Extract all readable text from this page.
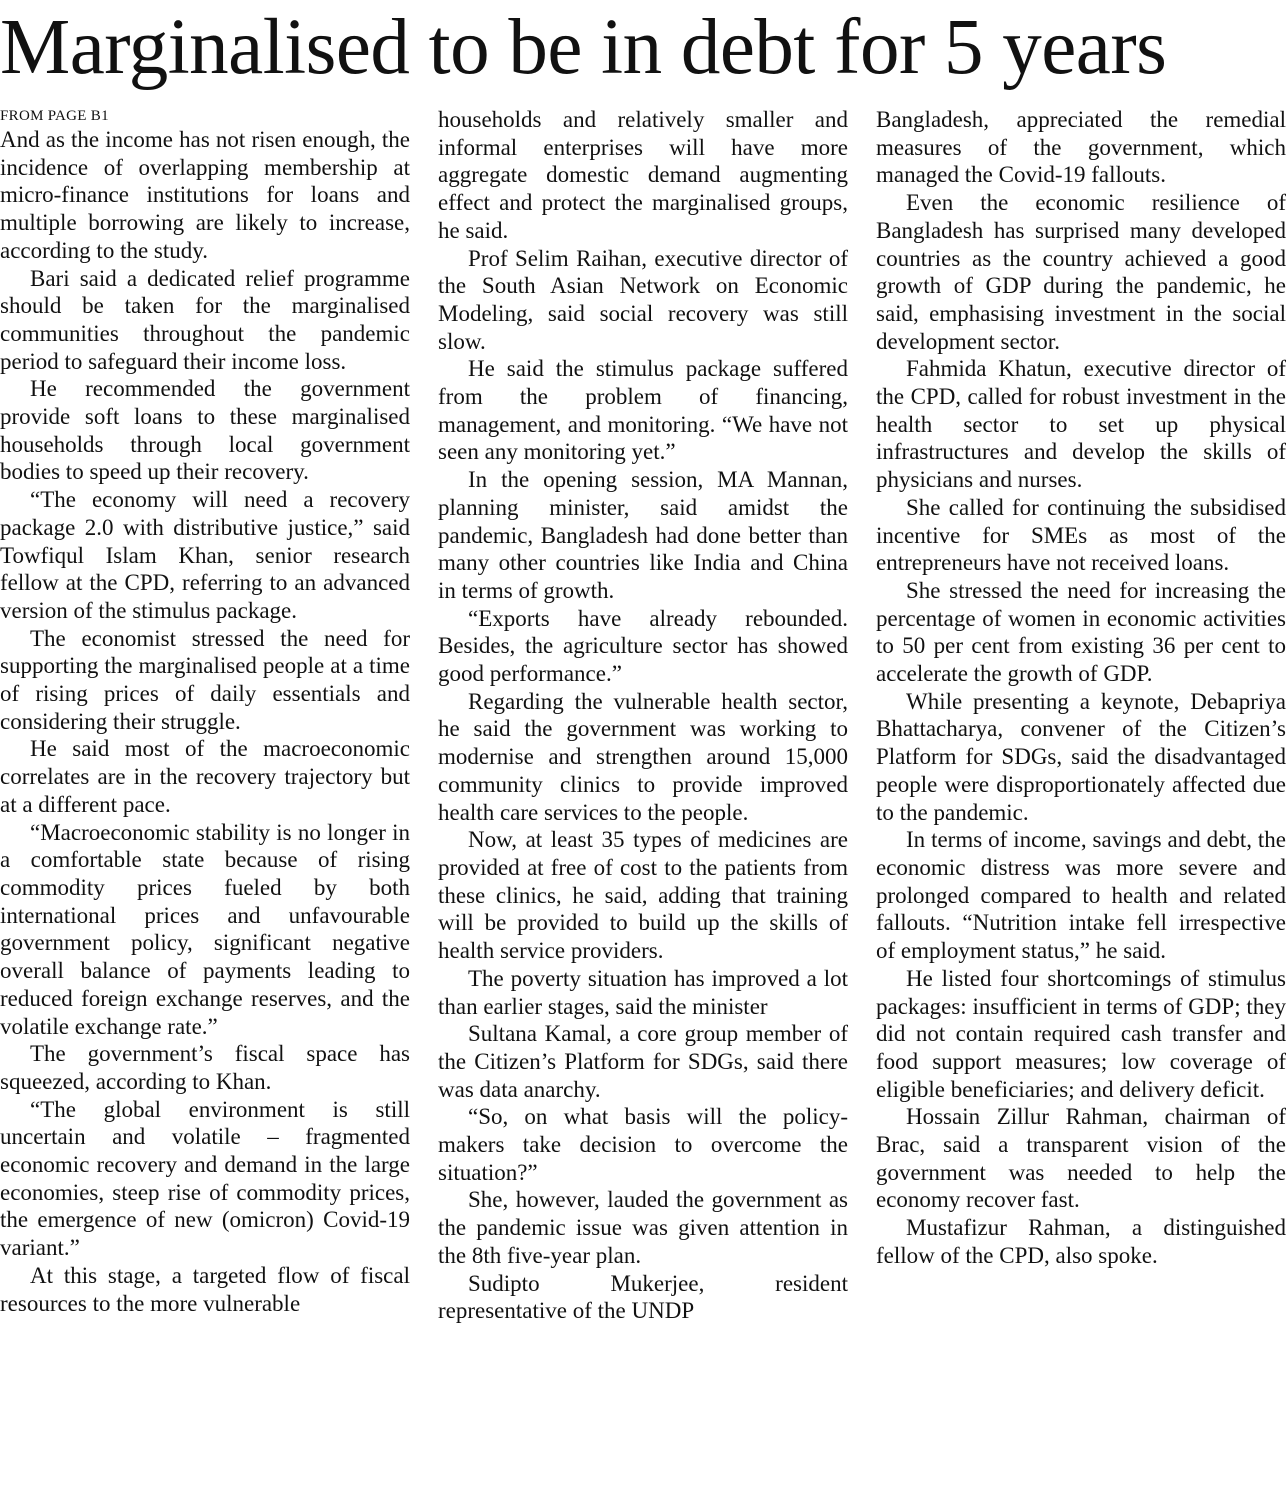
Marginalised to be in debt for 5 years
FROM PAGE B1

And as the income has not risen enough, the incidence of overlapping membership at micro-finance institutions for loans and multiple borrowing are likely to increase, according to the study.

Bari said a dedicated relief programme should be taken for the marginalised communities throughout the pandemic period to safeguard their income loss.

He recommended the government provide soft loans to these marginalised households through local government bodies to speed up their recovery.

“The economy will need a recovery package 2.0 with distributive justice,” said Towfiqul Islam Khan, senior research fellow at the CPD, referring to an advanced version of the stimulus package.

The economist stressed the need for supporting the marginalised people at a time of rising prices of daily essentials and considering their struggle.

He said most of the macroeconomic correlates are in the recovery trajectory but at a different pace.

“Macroeconomic stability is no longer in a comfortable state because of rising commodity prices fueled by both international prices and unfavourable government policy, significant negative overall balance of payments leading to reduced foreign exchange reserves, and the volatile exchange rate.”

The government’s fiscal space has squeezed, according to Khan.

“The global environment is still uncertain and volatile – fragmented economic recovery and demand in the large economies, steep rise of commodity prices, the emergence of new (omicron) Covid-19 variant.”

At this stage, a targeted flow of fiscal resources to the more vulnerable

households and relatively smaller and informal enterprises will have more aggregate domestic demand augmenting effect and protect the marginalised groups, he said.

Prof Selim Raihan, executive director of the South Asian Network on Economic Modeling, said social recovery was still slow.

He said the stimulus package suffered from the problem of financing, management, and monitoring. “We have not seen any monitoring yet.”

In the opening session, MA Mannan, planning minister, said amidst the pandemic, Bangladesh had done better than many other countries like India and China in terms of growth.

“Exports have already rebounded. Besides, the agriculture sector has showed good performance.”

Regarding the vulnerable health sector, he said the government was working to modernise and strengthen around 15,000 community clinics to provide improved health care services to the people.

Now, at least 35 types of medicines are provided at free of cost to the patients from these clinics, he said, adding that training will be provided to build up the skills of health service providers.

The poverty situation has improved a lot than earlier stages, said the minister

Sultana Kamal, a core group member of the Citizen’s Platform for SDGs, said there was data anarchy.

“So, on what basis will the policy-makers take decision to overcome the situation?”

She, however, lauded the government as the pandemic issue was given attention in the 8th five-year plan.

Sudipto Mukerjee, resident representative of the UNDP

Bangladesh, appreciated the remedial measures of the government, which managed the Covid-19 fallouts.

Even the economic resilience of Bangladesh has surprised many developed countries as the country achieved a good growth of GDP during the pandemic, he said, emphasising investment in the social development sector.

Fahmida Khatun, executive director of the CPD, called for robust investment in the health sector to set up physical infrastructures and develop the skills of physicians and nurses.

She called for continuing the subsidised incentive for SMEs as most of the entrepreneurs have not received loans.

She stressed the need for increasing the percentage of women in economic activities to 50 per cent from existing 36 per cent to accelerate the growth of GDP.

While presenting a keynote, Debapriya Bhattacharya, convener of the Citizen’s Platform for SDGs, said the disadvantaged people were disproportionately affected due to the pandemic.

In terms of income, savings and debt, the economic distress was more severe and prolonged compared to health and related fallouts. “Nutrition intake fell irrespective of employment status,” he said.

He listed four shortcomings of stimulus packages: insufficient in terms of GDP; they did not contain required cash transfer and food support measures; low coverage of eligible beneficiaries; and delivery deficit.

Hossain Zillur Rahman, chairman of Brac, said a transparent vision of the government was needed to help the economy recover fast.

Mustafizur Rahman, a distinguished fellow of the CPD, also spoke.
